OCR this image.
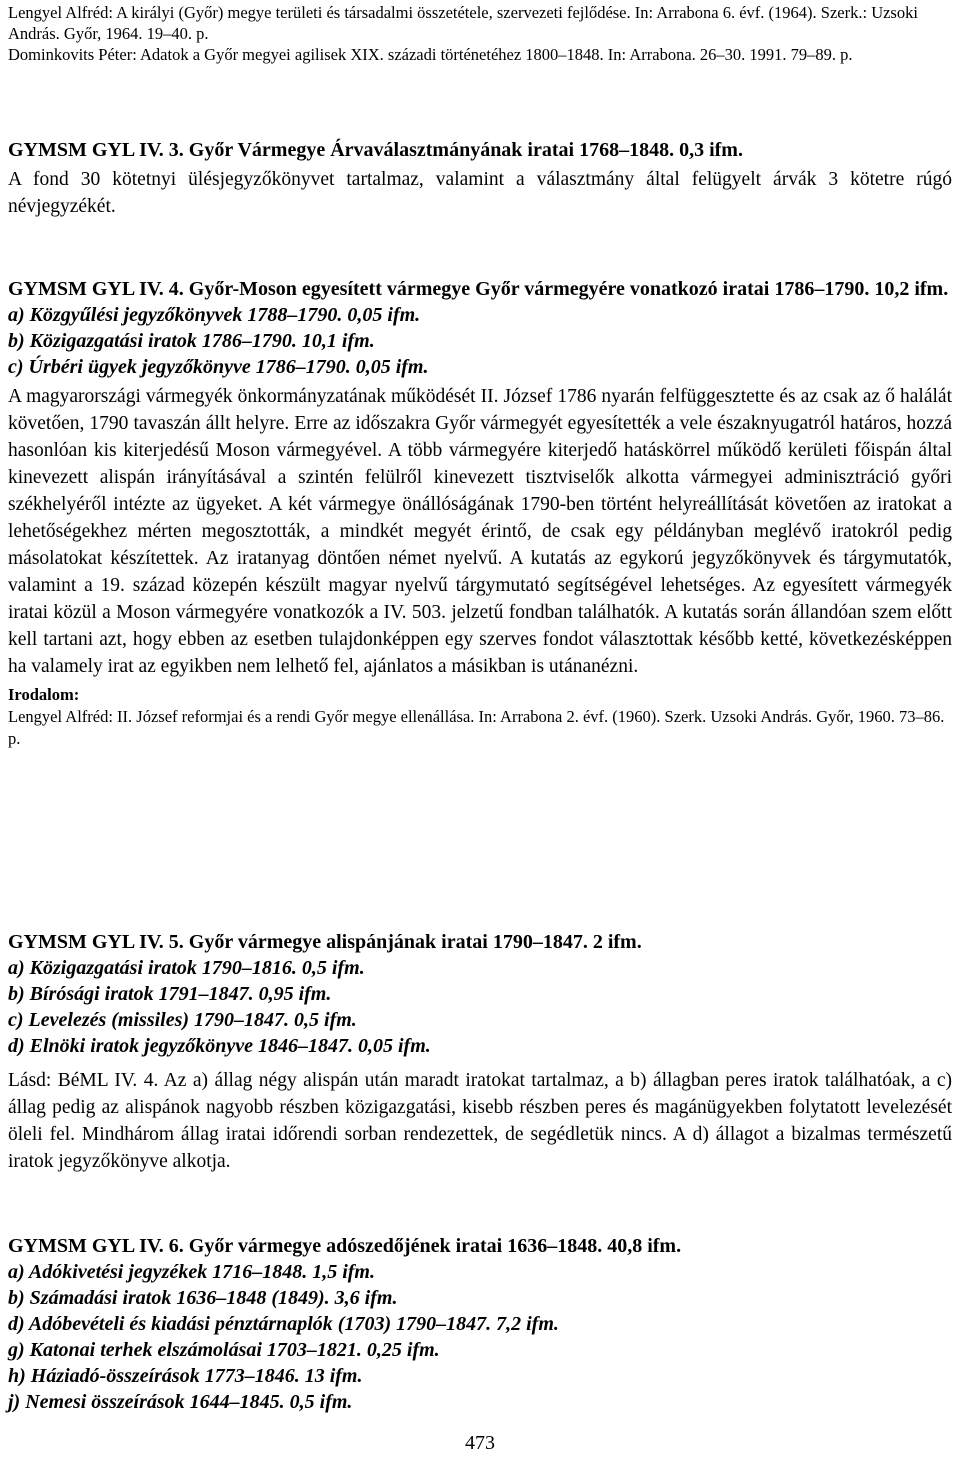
Lengyel Alfréd: A királyi (Győr) megye területi és társadalmi összetétele, szervezeti fejlődése. In: Arrabona 6. évf. (1964). Szerk.: Uzsoki András. Győr, 1964. 19–40. p.

Dominkovits Péter: Adatok a Győr megyei agilisek XIX. századi történetéhez 1800–1848. In: Arrabona. 26–30. 1991. 79–89. p.

GYMSM GYL IV. 3. Győr Vármegye Árvaválasztmányának iratai 1768–1848. 0,3 ifm.

A fond 30 kötetnyi ülésjegyzőkönyvet tartalmaz, valamint a választmány által felügyelt árvák 3 kötetre rúgó névjegyzékét.

GYMSM GYL IV. 4. Győr-Moson egyesített vármegye Győr vármegyére vonatkozó iratai 1786–1790. 10,2 ifm.

a) Közgyűlési jegyzőkönyvek 1788–1790. 0,05 ifm.

b) Közigazgatási iratok 1786–1790. 10,1 ifm.

c) Úrbéri ügyek jegyzőkönyve 1786–1790. 0,05 ifm.

A magyarországi vármegyék önkormányzatának működését II. József 1786 nyarán felfüggesztette és az csak az ő halálát követően, 1790 tavaszán állt helyre. Erre az időszakra Győr vármegyét egyesítették a vele északnyugatról határos, hozzá hasonlóan kis kiterjedésű Moson vármegyével. A több vármegyére kiterjedő hatáskörrel működő kerületi főispán által kinevezett alispán irányításával a szintén felülről kinevezett tisztviselők alkotta vármegyei adminisztráció győri székhelyéről intézte az ügyeket. A két vármegye önállóságának 1790-ben történt helyreállítását követően az iratokat a lehetőségekhez mérten megosztották, a mindkét megyét érintő, de csak egy példányban meglévő iratokról pedig másolatokat készítettek. Az iratanyag döntően német nyelvű. A kutatás az egykorú jegyzőkönyvek és tárgymutatók, valamint a 19. század közepén készült magyar nyelvű tárgymutató segítségével lehetséges. Az egyesített vármegyék iratai közül a Moson vármegyére vonatkozók a IV. 503. jelzetű fondban találhatók. A kutatás során állandóan szem előtt kell tartani azt, hogy ebben az esetben tulajdonképpen egy szerves fondot választottak később ketté, következésképpen ha valamely irat az egyikben nem lelhető fel, ajánlatos a másikban is utánanézni.

Irodalom:

Lengyel Alfréd: II. József reformjai és a rendi Győr megye ellenállása. In: Arrabona 2. évf. (1960). Szerk. Uzsoki András. Győr, 1960. 73–86. p.

GYMSM GYL IV. 5. Győr vármegye alispánjának iratai 1790–1847. 2 ifm.

a) Közigazgatási iratok 1790–1816. 0,5 ifm.

b) Bírósági iratok 1791–1847. 0,95 ifm.

c) Levelezés (missiles) 1790–1847. 0,5 ifm.

d) Elnöki iratok jegyzőkönyve 1846–1847. 0,05 ifm.

Lásd: BéML IV. 4. Az a) állag négy alispán után maradt iratokat tartalmaz, a b) állagban peres iratok találhatóak, a c) állag pedig az alispánok nagyobb részben közigazgatási, kisebb részben peres és magánügyekben folytatott levelezését öleli fel. Mindhárom állag iratai időrendi sorban rendezettek, de segédletük nincs. A d) állagot a bizalmas természetű iratok jegyzőkönyve alkotja.

GYMSM GYL IV. 6. Győr vármegye adószedőjének iratai 1636–1848. 40,8 ifm.

a) Adókivetési jegyzékek 1716–1848. 1,5 ifm.

b) Számadási iratok 1636–1848 (1849). 3,6 ifm.

d) Adóbevételi és kiadási pénztárnaplók (1703) 1790–1847. 7,2 ifm.

g) Katonai terhek elszámolásai 1703–1821. 0,25 ifm.

h) Háziadó-összeírások 1773–1846. 13 ifm.

j) Nemesi összeírások 1644–1845. 0,5 ifm.

473
